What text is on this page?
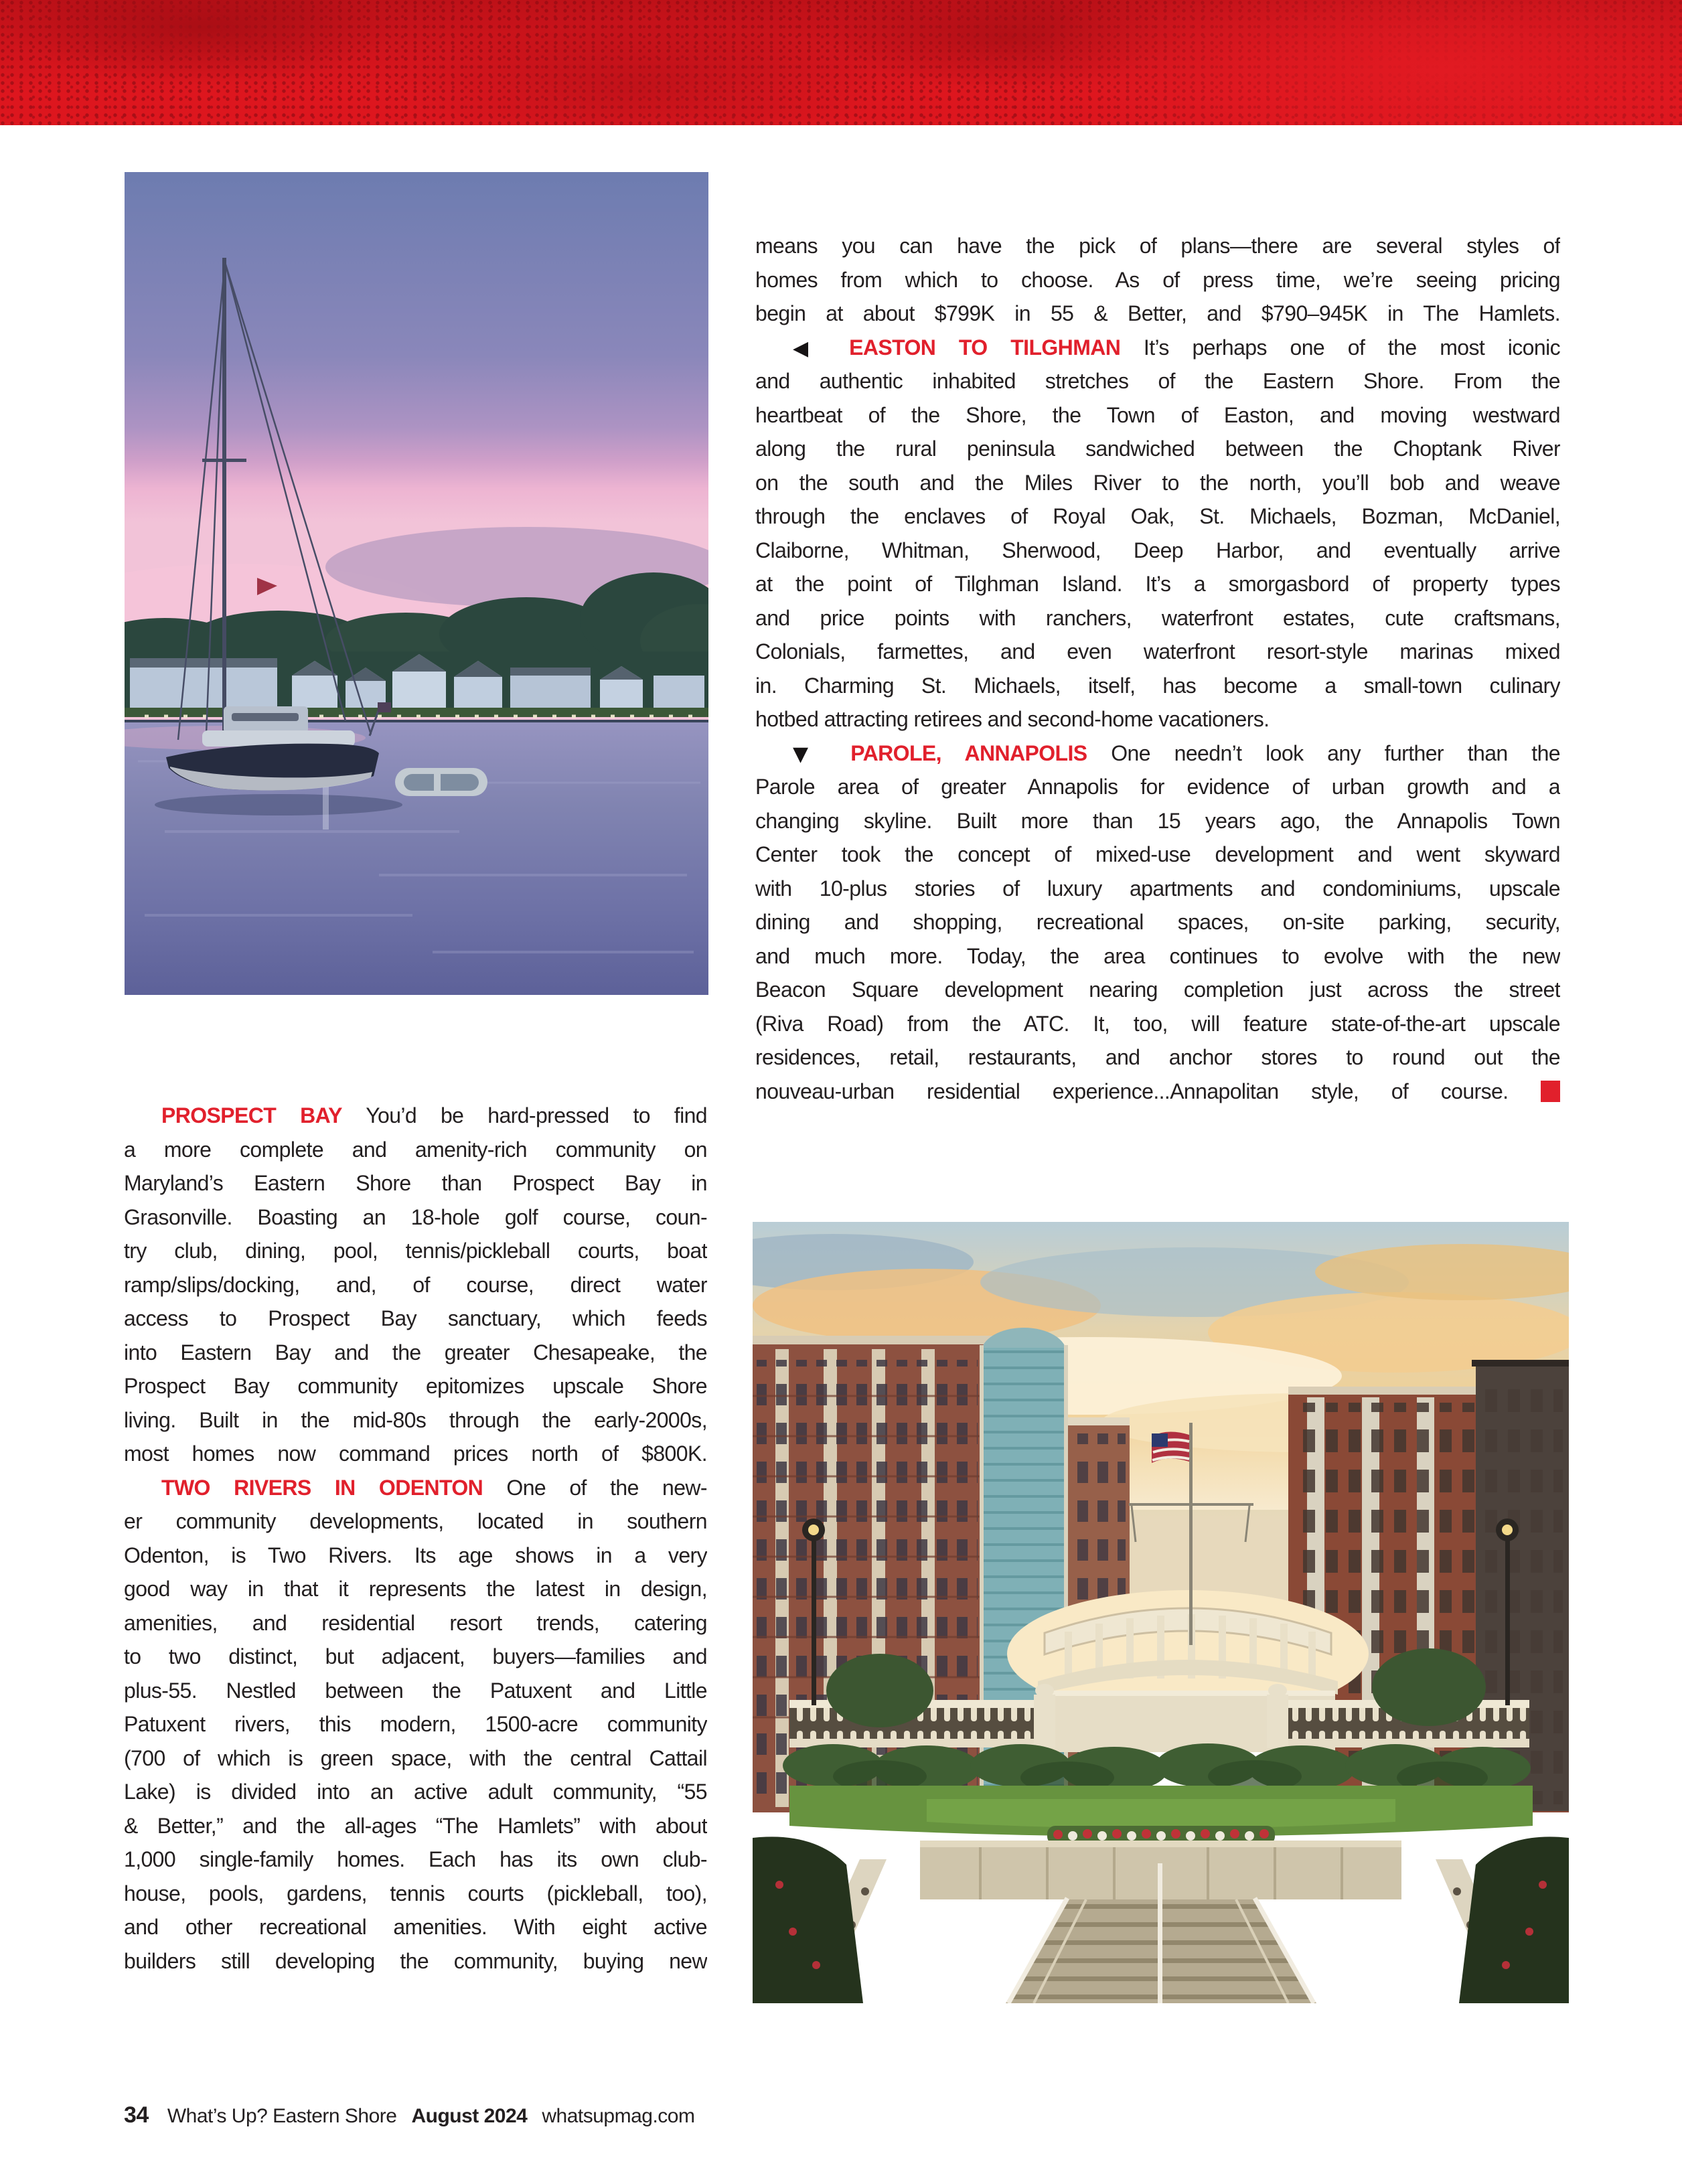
means you can have the pick of plans—there are several styles of
homes from which to choose. As of press time, we’re seeing pricing
begin at about $799K in 55 & Better, and $790–945K in The Hamlets.
◀ EASTON TO TILGHMAN It’s perhaps one of the most iconic
and authentic inhabited stretches of the Eastern Shore. From the
heartbeat of the Shore, the Town of Easton, and moving westward
along the rural peninsula sandwiched between the Choptank River
on the south and the Miles River to the north, you’ll bob and weave
through the enclaves of Royal Oak, St. Michaels, Bozman, McDaniel,
Claiborne, Whitman, Sherwood, Deep Harbor, and eventually arrive
at the point of Tilghman Island. It’s a smorgasbord of property types
and price points with ranchers, waterfront estates, cute craftsmans,
Colonials, farmettes, and even waterfront resort-style marinas mixed
in. Charming St. Michaels, itself, has become a small-town culinary
hotbed attracting retirees and second-home vacationers.
▼ PAROLE, ANNAPOLIS One needn’t look any further than the
Parole area of greater Annapolis for evidence of urban growth and a
changing skyline. Built more than 15 years ago, the Annapolis Town
Center took the concept of mixed-use development and went skyward
with 10-plus stories of luxury apartments and condominiums, upscale
dining and shopping, recreational spaces, on-site parking, security,
and much more. Today, the area continues to evolve with the new
Beacon Square development nearing completion just across the street
(Riva Road) from the ATC. It, too, will feature state-of-the-art upscale
residences, retail, restaurants, and anchor stores to round out the
nouveau-urban residential experience...Annapolitan style, of course.
PROSPECT BAY You’d be hard-pressed to find
a more complete and amenity-rich community on
Maryland’s Eastern Shore than Prospect Bay in
Grasonville. Boasting an 18-hole golf course, coun-
try club, dining, pool, tennis/pickleball courts, boat
ramp/slips/docking, and, of course, direct water
access to Prospect Bay sanctuary, which feeds
into Eastern Bay and the greater Chesapeake, the
Prospect Bay community epitomizes upscale Shore
living. Built in the mid-80s through the early-2000s,
most homes now command prices north of $800K.
TWO RIVERS IN ODENTON One of the new-
er community developments, located in southern
Odenton, is Two Rivers. Its age shows in a very
good way in that it represents the latest in design,
amenities, and residential resort trends, catering
to two distinct, but adjacent, buyers—families and
plus-55. Nestled between the Patuxent and Little
Patuxent rivers, this modern, 1500-acre community
(700 of which is green space, with the central Cattail
Lake) is divided into an active adult community, “55
& Better,” and the all-ages “The Hamlets” with about
1,000 single-family homes. Each has its own club-
house, pools, gardens, tennis courts (pickleball, too),
and other recreational amenities. With eight active
builders still developing the community, buying new
34 What’s Up? Eastern Shore August 2024 whatsupmag.com
